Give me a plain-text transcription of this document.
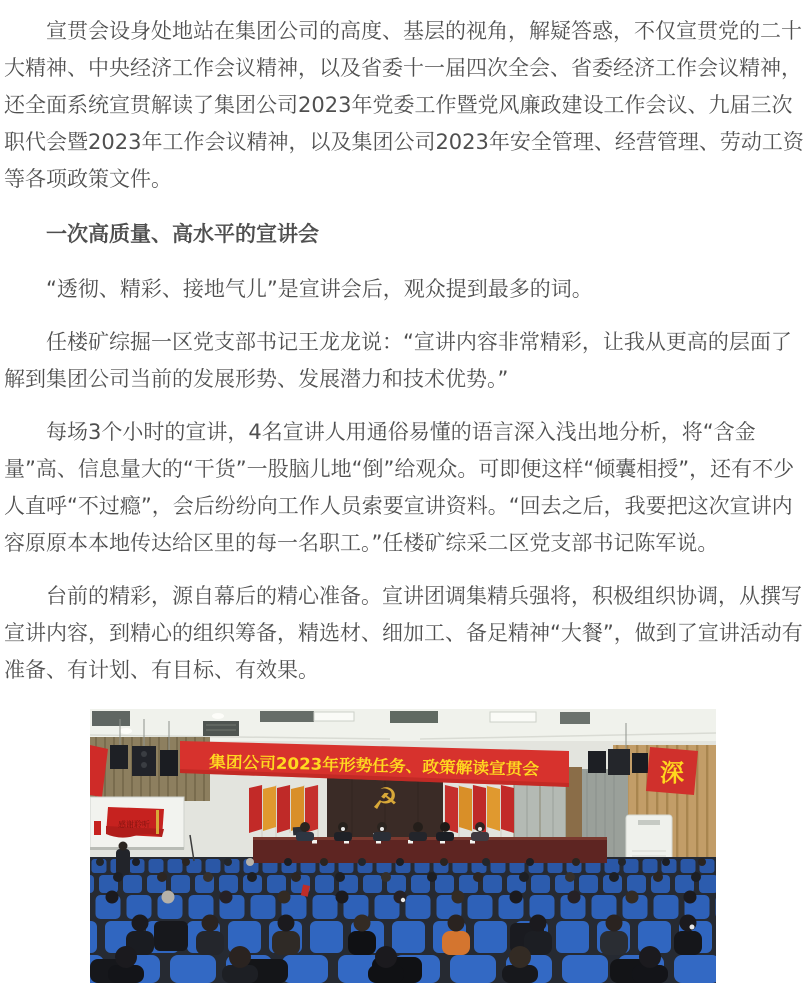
宣贯会设身处地站在集团公司的高度、基层的视角，解疑答惑，不仅宣贯党的二十大精神、中央经济工作会议精神，以及省委十一届四次全会、省委经济工作会议精神，还全面系统宣贯解读了集团公司2023年党委工作暨党风廉政建设工作会议、九届三次职代会暨2023年工作会议精神，以及集团公司2023年安全管理、经营管理、劳动工资等各项政策文件。

一次高质量、高水平的宣讲会

“透彻、精彩、接地气儿”是宣讲会后，观众提到最多的词。

任楼矿综掘一区党支部书记王龙龙说：“宣讲内容非常精彩，让我从更高的层面了解到集团公司当前的发展形势、发展潜力和技术优势。”

每场3个小时的宣讲，4名宣讲人用通俗易懂的语言深入浅出地分析，将“含金量”高、信息量大的“干货”一股脑儿地“倒”给观众。可即便这样“倾囊相授”，还有不少人直呼“不过瘾”，会后纷纷向工作人员索要宣讲资料。“回去之后，我要把这次宣讲内容原原本本地传达给区里的每一名职工。”任楼矿综采二区党支部书记陈军说。

台前的精彩，源自幕后的精心准备。宣讲团调集精兵强将，积极组织协调，从撰写宣讲内容，到精心的组织筹备，精选材、细加工、备足精神“大餐”，做到了宣讲活动有准备、有计划、有目标、有效果。

深
☭
集团公司2023年形势任务、政策解读宣贯会
感谢聆听
